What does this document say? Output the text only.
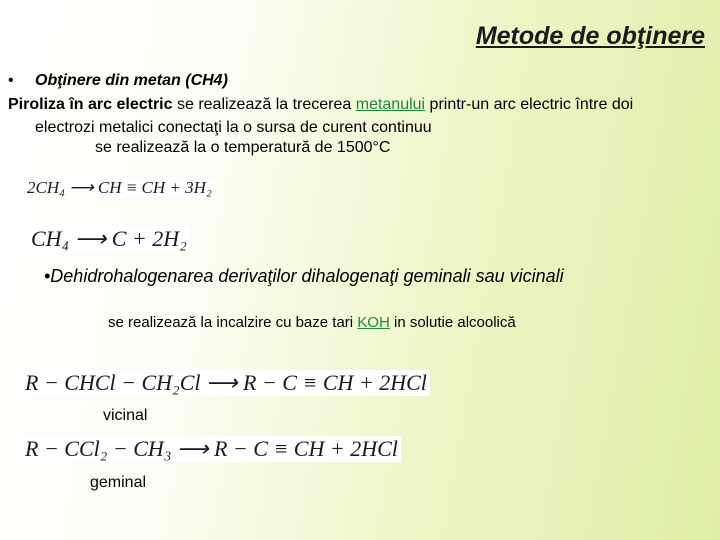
Metode de obţinere
• Obţinere din metan (CH4)
Piroliza în arc electric se realizează la trecerea metanului printr-un arc electric între doi
electrozi metalici conectaţi la o sursa de curent continuu
se realizează la o temperatură de 1500°C
2CH₄ ⟶ CH ≡ CH + 3H₂
CH₄ ⟶ C + 2H₂
•Dehidrohalogenarea derivaţilor dihalogenaţi geminali sau vicinali
se realizează la incalzire cu baze tari KOH in solutie alcoolică
R − CHCl − CH₂Cl ⟶ R − C ≡ CH + 2HCl
vicinal
R − CCl₂ − CH₃ ⟶ R − C ≡ CH + 2HCl
geminal
